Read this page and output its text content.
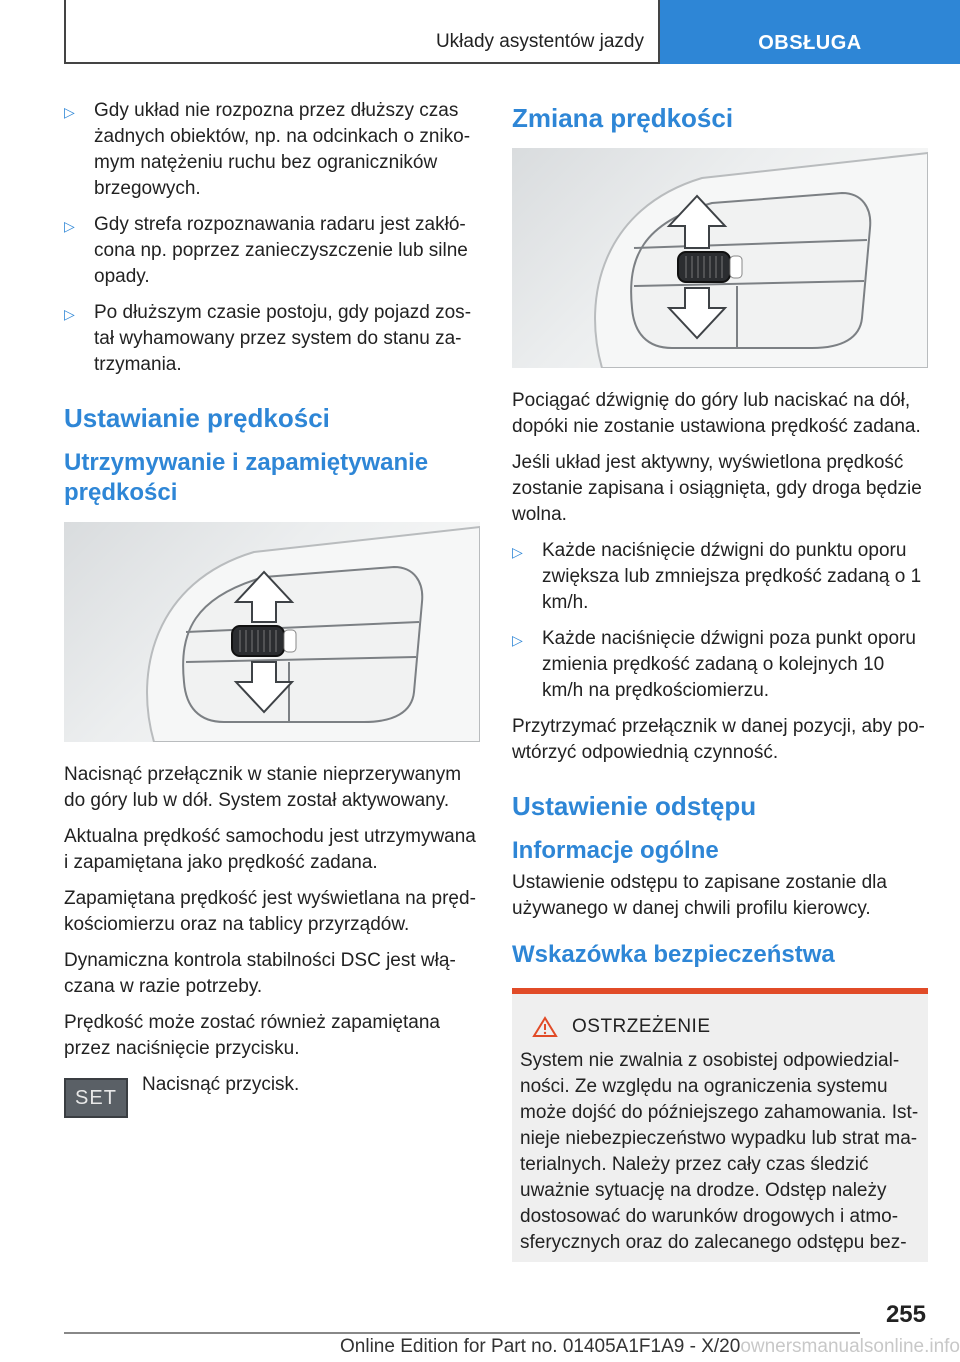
Układy asystentów jazdy	OBSŁUGA
▷	Gdy układ nie rozpozna przez dłuższy czas żadnych obiektów, np. na odcinkach o znikomym natężeniu ruchu bez ograniczników brzegowych.
▷	Gdy strefa rozpoznawania radaru jest zakłócona np. poprzez zanieczyszczenie lub silne opady.
▷	Po dłuższym czasie postoju, gdy pojazd został wyhamowany przez system do stanu zatrzymania.
Ustawianie prędkości
Utrzymywanie i zapamiętywanie prędkości

Nacisnąć przełącznik w stanie nieprzerywanym do góry lub w dół. System został aktywowany.

Aktualna prędkość samochodu jest utrzymywana i zapamiętana jako prędkość zadana.

Zapamiętana prędkość jest wyświetlana na prędkościomierzu oraz na tablicy przyrządów.

Dynamiczna kontrola stabilności DSC jest włączana w razie potrzeby.

Prędkość może zostać również zapamiętana przez naciśnięcie przycisku.

SET

Nacisnąć przycisk.

Zmiana prędkości

Pociągać dźwignię do góry lub naciskać na dół, dopóki nie zostanie ustawiona prędkość zadana.

Jeśli układ jest aktywny, wyświetlona prędkość zostanie zapisana i osiągnięta, gdy droga będzie wolna.

▷	Każde naciśnięcie dźwigni do punktu oporu zwiększa lub zmniejsza prędkość zadaną o 1 km/h.
▷	Każde naciśnięcie dźwigni poza punkt oporu zmienia prędkość zadaną o kolejnych 10 km/h na prędkościomierzu.

Przytrzymać przełącznik w danej pozycji, aby powtórzyć odpowiednią czynność.

Ustawienie odstępu
Informacje ogólne

Ustawienie odstępu to zapisane zostanie dla używanego w danej chwili profilu kierowcy.

Wskazówka bezpieczeństwa
OSTRZEŻENIE

System nie zwalnia z osobistej odpowiedzialności. Ze względu na ograniczenia systemu może dojść do późniejszego zahamowania. Istnieje niebezpieczeństwo wypadku lub strat materialnych. Należy przez cały czas śledzić uważnie sytuację na drodze. Odstęp należy dostosować do warunków drogowych i atmosferycznych oraz do zalecanego odstępu bez-

255
Online Edition for Part no. 01405A1F1A9 - X/20ownersmanualsonline.info
